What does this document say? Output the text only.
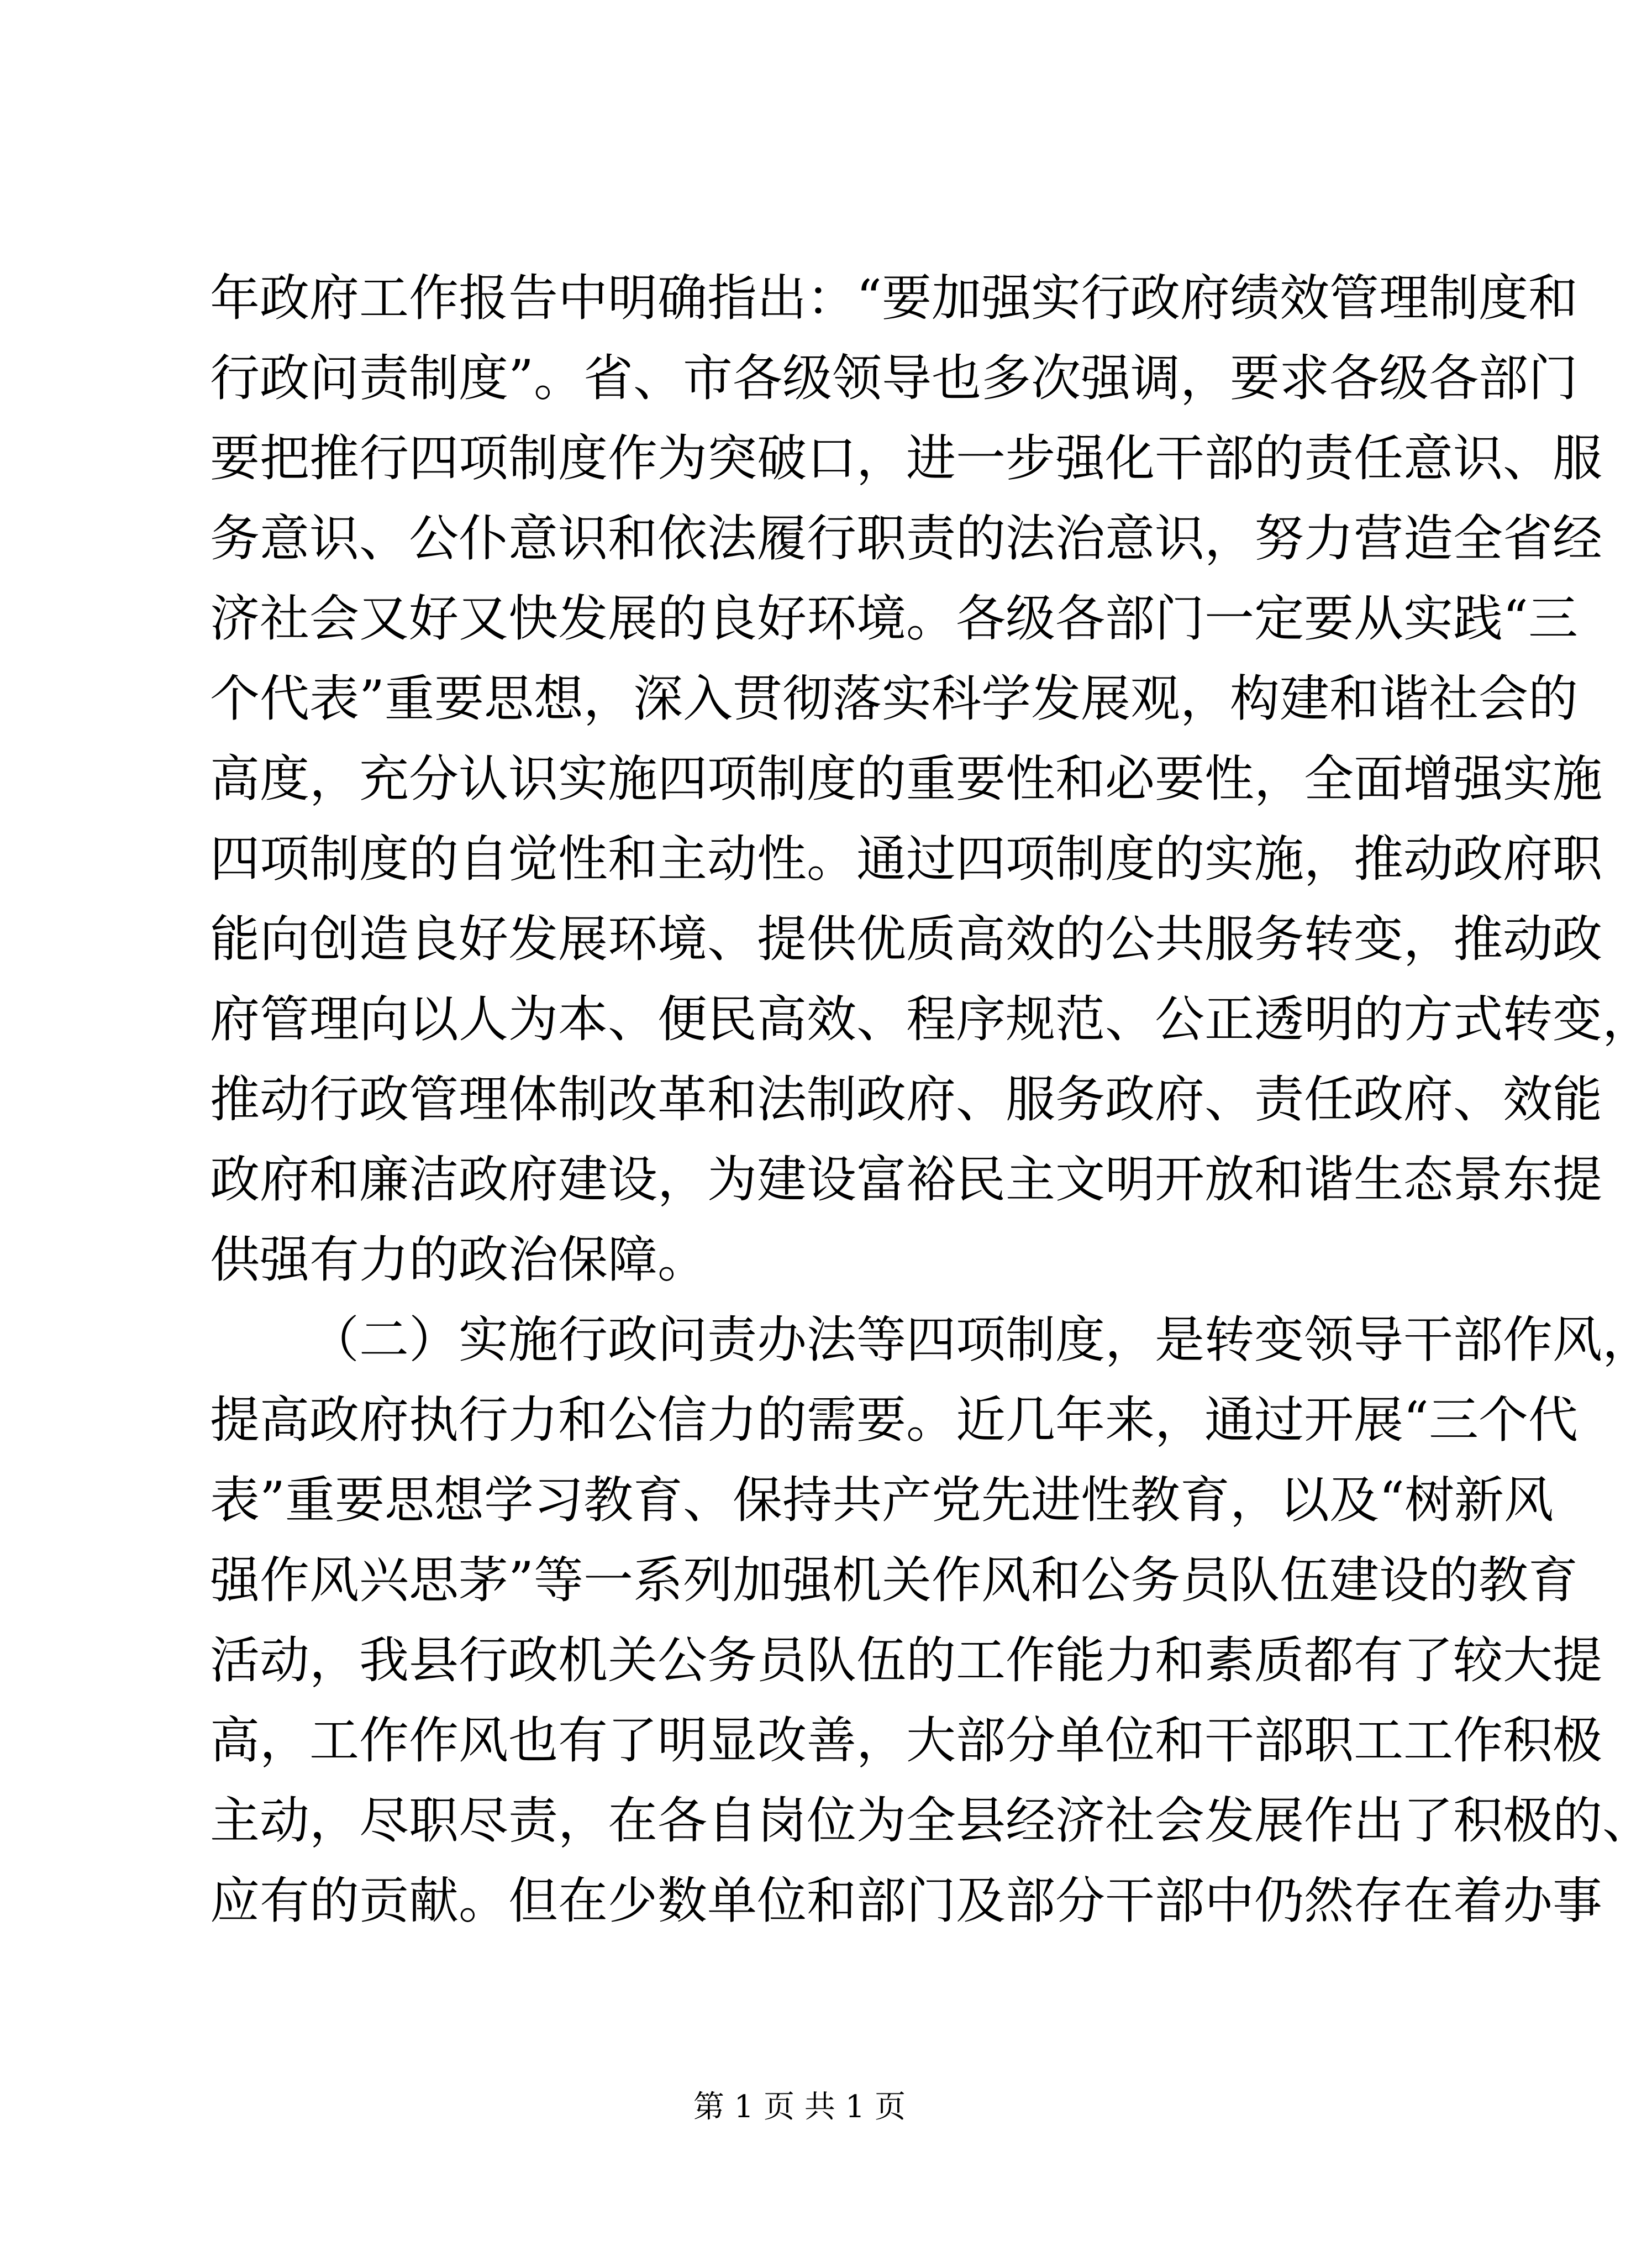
年政府工作报告中明确指出：“要加强实行政府绩效管理制度和
行政问责制度”。省、市各级领导也多次强调，要求各级各部门
要把推行四项制度作为突破口，进一步强化干部的责任意识、服
务意识、公仆意识和依法履行职责的法治意识，努力营造全省经
济社会又好又快发展的良好环境。各级各部门一定要从实践“三
个代表”重要思想，深入贯彻落实科学发展观，构建和谐社会的
高度，充分认识实施四项制度的重要性和必要性，全面增强实施
四项制度的自觉性和主动性。通过四项制度的实施，推动政府职
能向创造良好发展环境、提供优质高效的公共服务转变，推动政
府管理向以人为本、便民高效、程序规范、公正透明的方式转变，
推动行政管理体制改革和法制政府、服务政府、责任政府、效能
政府和廉洁政府建设，为建设富裕民主文明开放和谐生态景东提
供强有力的政治保障。
（二）实施行政问责办法等四项制度，是转变领导干部作风，
提高政府执行力和公信力的需要。近几年来，通过开展“三个代
表”重要思想学习教育、保持共产党先进性教育，以及“树新风
强作风兴思茅”等一系列加强机关作风和公务员队伍建设的教育
活动，我县行政机关公务员队伍的工作能力和素质都有了较大提
高，工作作风也有了明显改善，大部分单位和干部职工工作积极
主动，尽职尽责，在各自岗位为全县经济社会发展作出了积极的、
应有的贡献。但在少数单位和部门及部分干部中仍然存在着办事
第 1 页 共 1 页
